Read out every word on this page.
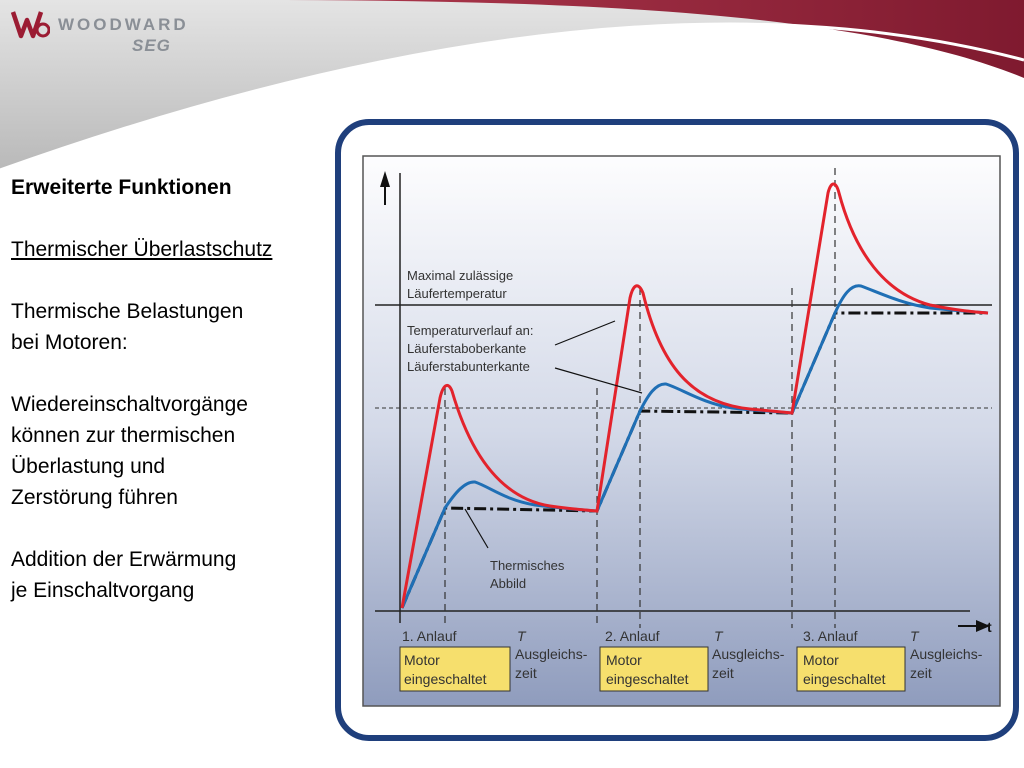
WOODWARD
SEG

Erweiterte Funktionen

Thermischer Überlastschutz

Thermische Belastungen

bei Motoren:

Wiedereinschaltvorgänge

können zur thermischen

Überlastung und

Zerstörung führen

Addition der Erwärmung

je Einschaltvorgang

t
Maximal zulässige
Läufertemperatur
Temperaturverlauf an:
Läuferstaboberkante
Läuferstabunterkante
Thermisches
Abbild
1. Anlauf	T
Motor
eingeschaltet
Ausgleichs-
zeit
2. Anlauf	T
Motor
eingeschaltet
Ausgleichs-
zeit
3. Anlauf	T
Motor
eingeschaltet
Ausgleichs-
zeit
